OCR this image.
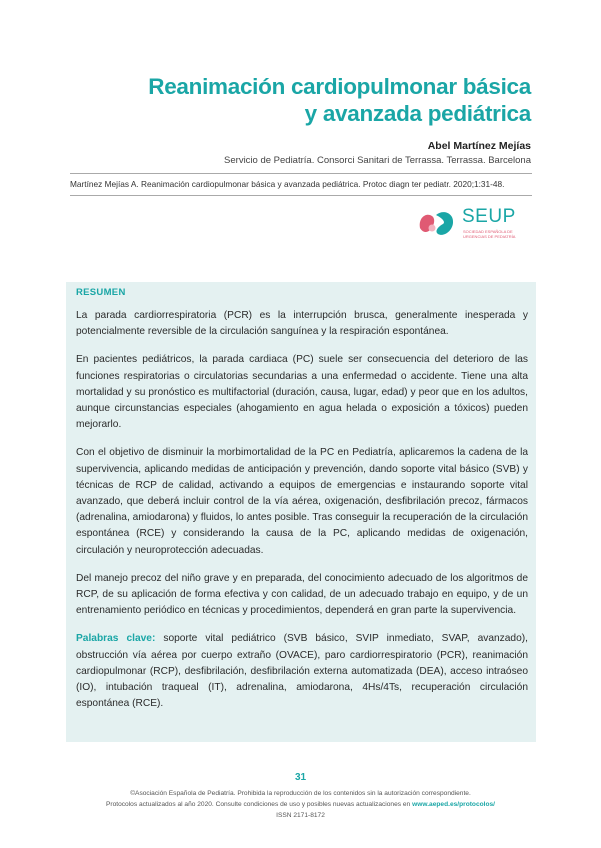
Reanimación cardiopulmonar básica
y avanzada pediátrica
Abel Martínez Mejías
Servicio de Pediatría. Consorci Sanitari de Terrassa. Terrassa. Barcelona
Martínez Mejías A. Reanimación cardiopulmonar básica y avanzada pediátrica. Protoc diagn ter pediatr. 2020;1:31-48.
SEUP
SOCIEDAD ESPAÑOLA DE URGENCIAS DE PEDIATRÍA
RESUMEN

La parada cardiorrespiratoria (PCR) es la interrupción brusca, generalmente inesperada y potencialmente reversible de la circulación sanguínea y la respiración espontánea.

En pacientes pediátricos, la parada cardiaca (PC) suele ser consecuencia del deterioro de las funciones respiratorias o circulatorias secundarias a una enfermedad o accidente. Tiene una alta mortalidad y su pronóstico es multifactorial (duración, causa, lugar, edad) y peor que en los adultos, aunque circunstancias especiales (ahogamiento en agua helada o exposición a tóxicos) pueden mejorarlo.

Con el objetivo de disminuir la morbimortalidad de la PC en Pediatría, aplicaremos la cadena de la supervivencia, aplicando medidas de anticipación y prevención, dando soporte vital básico (SVB) y técnicas de RCP de calidad, activando a equipos de emergencias e instaurando soporte vital avanzado, que deberá incluir control de la vía aérea, oxigenación, desfibrilación precoz, fármacos (adrenalina, amiodarona) y fluidos, lo antes posible. Tras conseguir la recuperación de la circulación espontánea (RCE) y considerando la causa de la PC, aplicando medidas de oxigenación, circulación y neuroprotección adecuadas.

Del manejo precoz del niño grave y en preparada, del conocimiento adecuado de los algoritmos de RCP, de su aplicación de forma efectiva y con calidad, de un adecuado trabajo en equipo, y de un entrenamiento periódico en técnicas y procedimientos, dependerá en gran parte la supervivencia.

Palabras clave: soporte vital pediátrico (SVB básico, SVIP inmediato, SVAP, avanzado), obstrucción vía aérea por cuerpo extraño (OVACE), paro cardiorrespiratorio (PCR), reanimación cardiopulmonar (RCP), desfibrilación, desfibrilación externa automatizada (DEA), acceso intraóseo (IO), intubación traqueal (IT), adrenalina, amiodarona, 4Hs/4Ts, recuperación circulación espontánea (RCE).

31
©Asociación Española de Pediatría. Prohibida la reproducción de los contenidos sin la autorización correspondiente.
Protocolos actualizados al año 2020. Consulte condiciones de uso y posibles nuevas actualizaciones en www.aeped.es/protocolos/
ISSN 2171-8172
